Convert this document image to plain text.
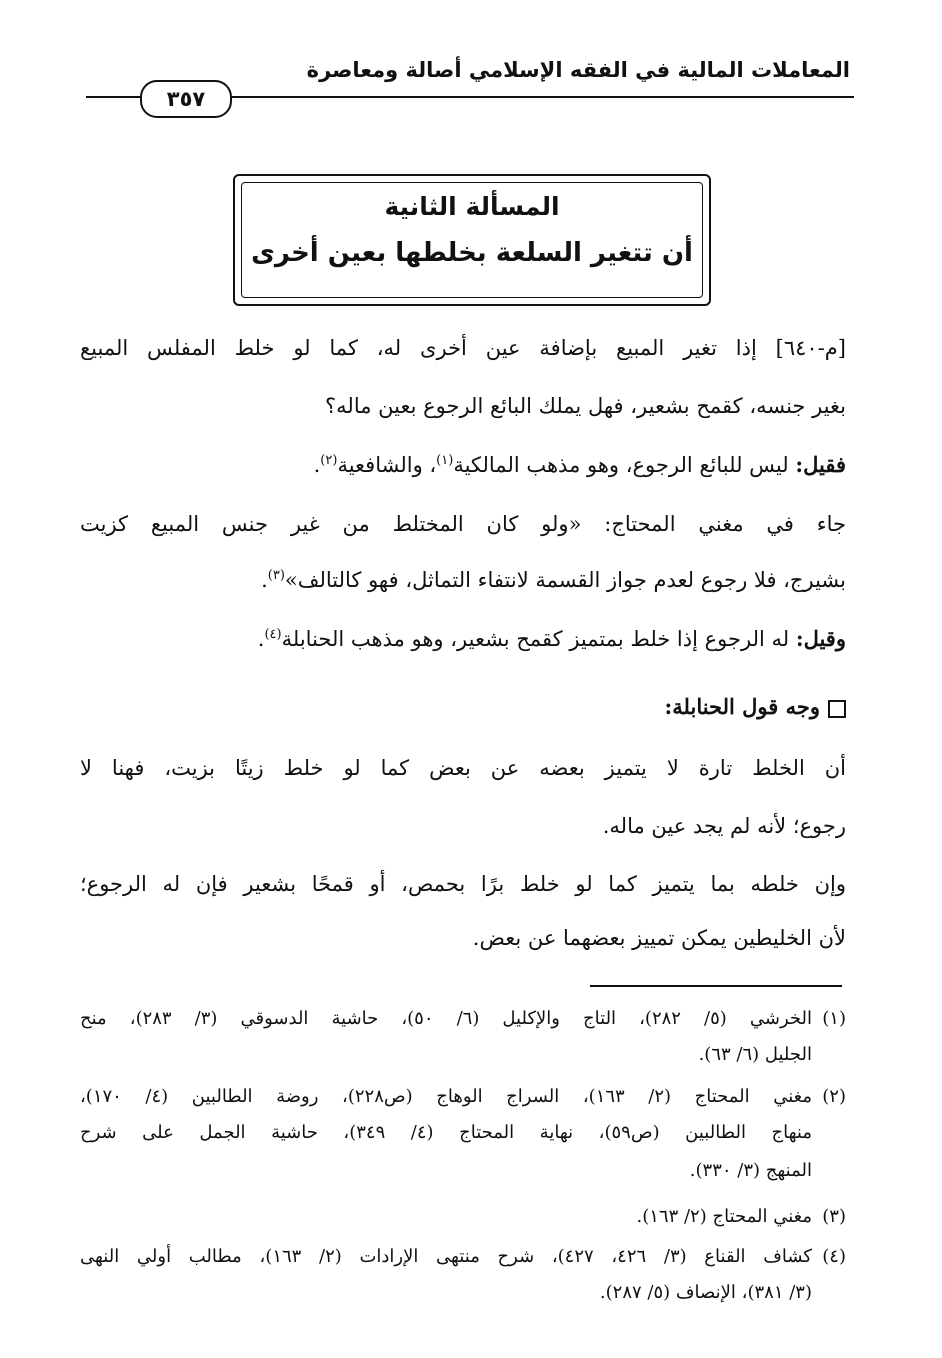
المعاملات المالية في الفقه الإسلامي أصالة ومعاصرة
٣٥٧
المسألة الثانية
أن تتغير السلعة بخلطها بعين أخرى
[م-٦٤٠] إذا تغير المبيع بإضافة عين أخرى له، كما لو خلط المفلس المبيع
بغير جنسه، كقمح بشعير، فهل يملك البائع الرجوع بعين ماله؟
فقيل: ليس للبائع الرجوع، وهو مذهب المالكية$^{(١)}$، والشافعية$^{(٢)}$.
جاء في مغني المحتاج: «ولو كان المختلط من غير جنس المبيع كزيت
بشيرج، فلا رجوع لعدم جواز القسمة لانتفاء التماثل، فهو كالتالف»$^{(٣)}$.
وقيل: له الرجوع إذا خلط بمتميز كقمح بشعير، وهو مذهب الحنابلة$^{(٤)}$.
وجه قول الحنابلة:
أن الخلط تارة لا يتميز بعضه عن بعض كما لو خلط زيتًا بزيت، فهنا لا
رجوع؛ لأنه لم يجد عين ماله.
وإن خلطه بما يتميز كما لو خلط برًا بحمص، أو قمحًا بشعير فإن له الرجوع؛
لأن الخليطين يمكن تمييز بعضهما عن بعض.
(١)
الخرشي (٥/ ٢٨٢)، التاج والإكليل (٦/ ٥٠)، حاشية الدسوقي (٣/ ٢٨٣)، منح
الجليل (٦/ ٦٣).
(٢)
مغني المحتاج (٢/ ١٦٣)، السراج الوهاج (ص٢٢٨)، روضة الطالبين (٤/ ١٧٠)،
منهاج الطالبين (ص٥٩)، نهاية المحتاج (٤/ ٣٤٩)، حاشية الجمل على شرح
المنهج (٣/ ٣٣٠).
(٣)
مغني المحتاج (٢/ ١٦٣).
(٤)
كشاف القناع (٣/ ٤٢٦، ٤٢٧)، شرح منتهى الإرادات (٢/ ١٦٣)، مطالب أولي النهى
(٣/ ٣٨١)، الإنصاف (٥/ ٢٨٧).
